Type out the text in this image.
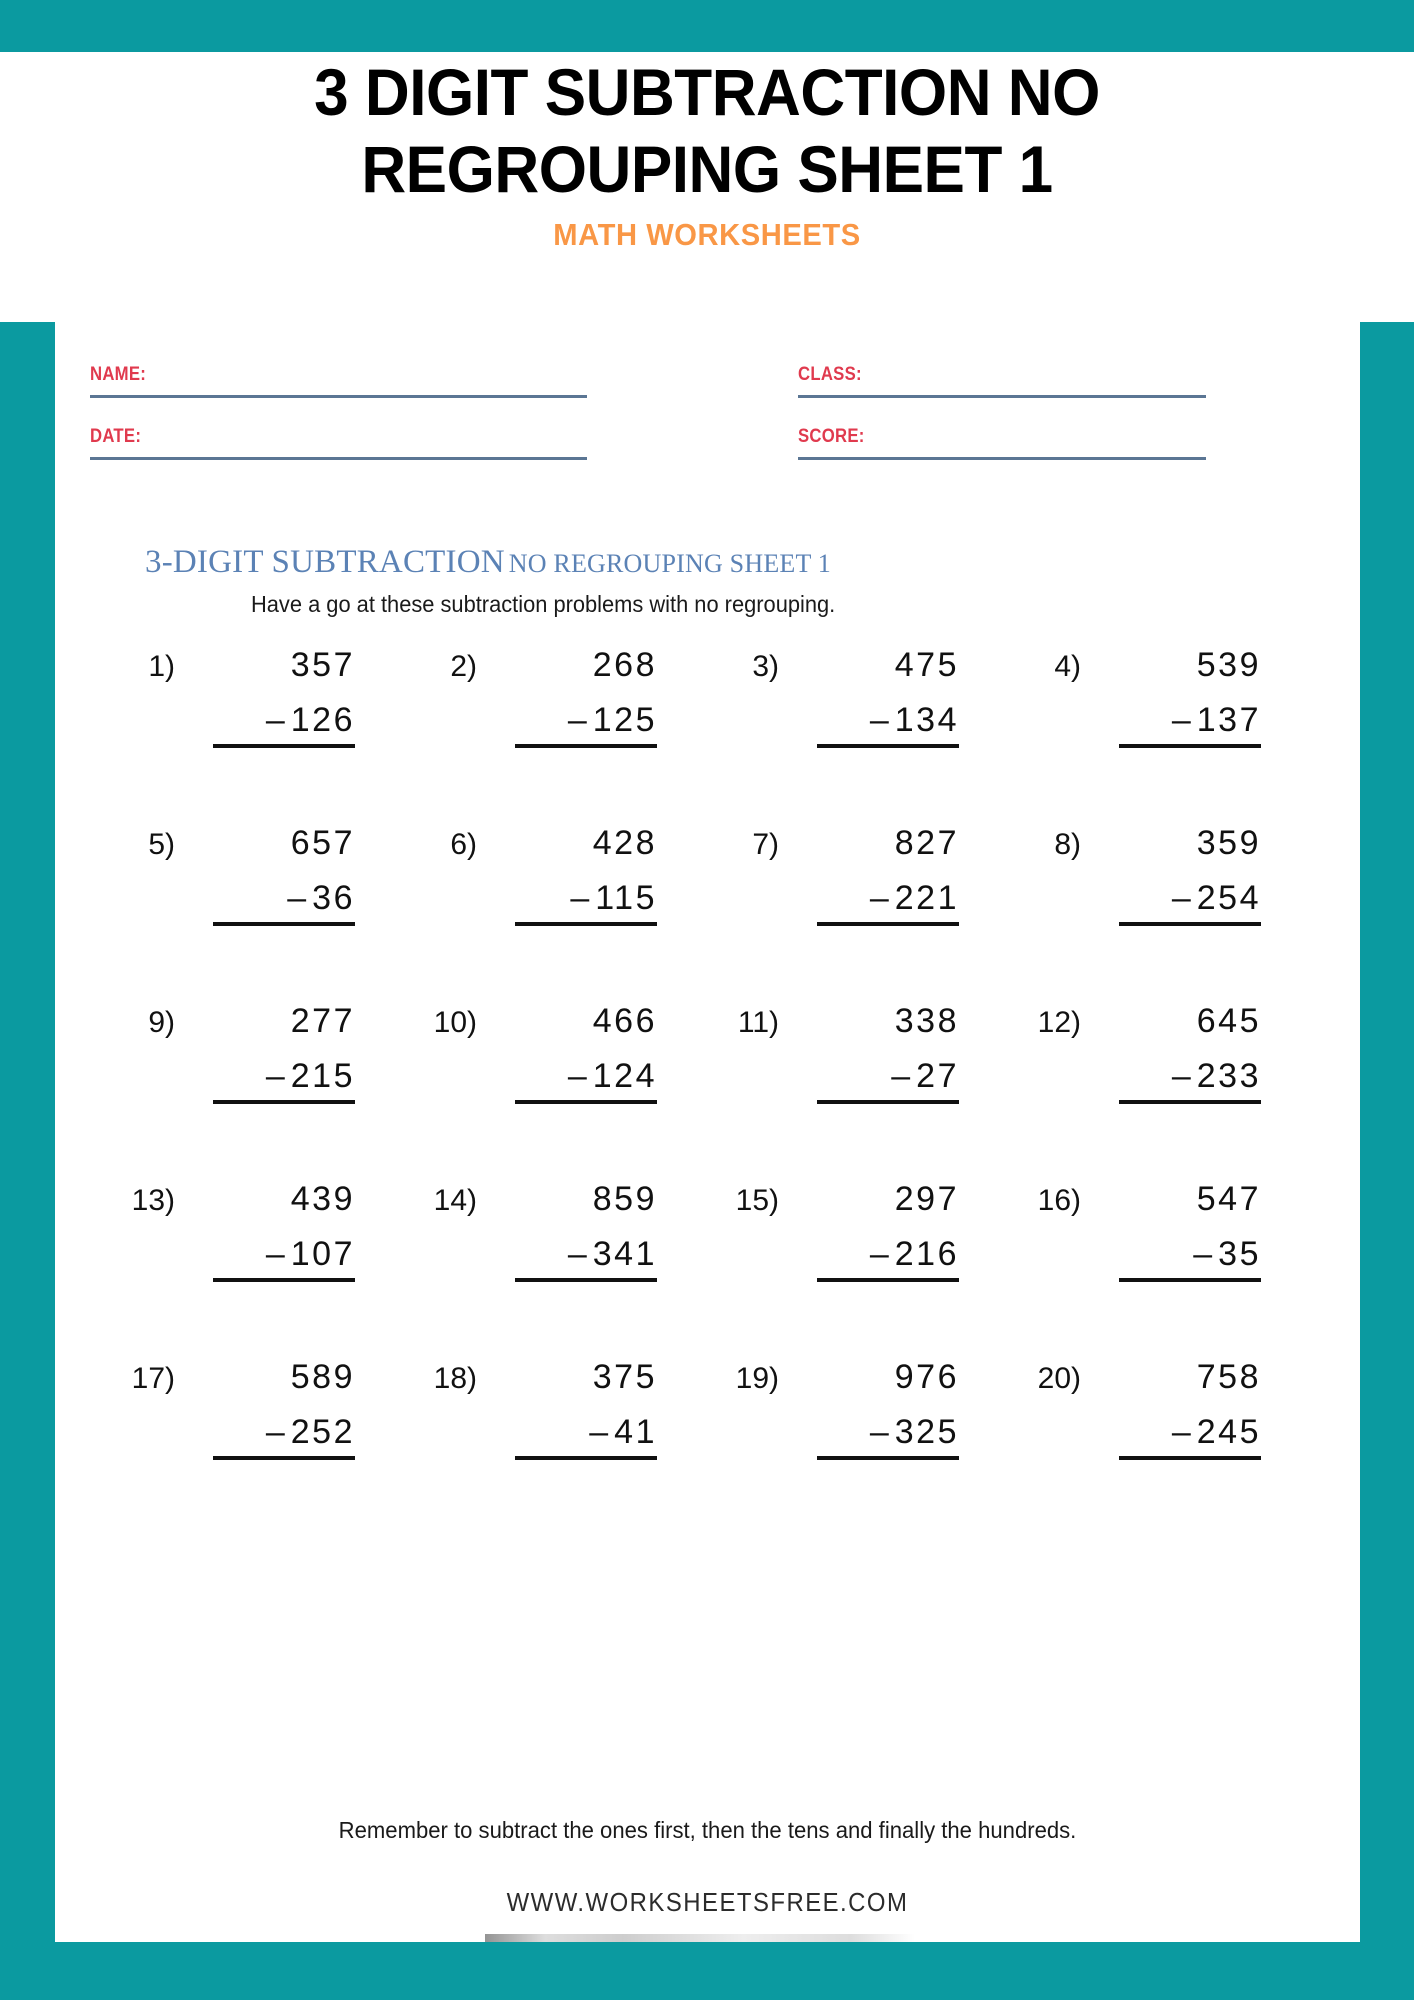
3 DIGIT SUBTRACTION NO REGROUPING SHEET 1
MATH WORKSHEETS
NAME:	CLASS:
DATE:	SCORE:
3-DIGIT SUBTRACTION NO REGROUPING SHEET 1
Have a go at these subtraction problems with no regrouping.
1)	357
– 126
2)	268
– 125
3)	475
– 134
4)	539
– 137
5)	657
– 36
6)	428
– 115
7)	827
– 221
8)	359
– 254
9)	277
– 215
10)	466
– 124
11)	338
– 27
12)	645
– 233
13)	439
– 107
14)	859
– 341
15)	297
– 216
16)	547
– 35
17)	589
– 252
18)	375
– 41
19)	976
– 325
20)	758
– 245
Remember to subtract the ones first, then the tens and finally the hundreds.
WWW.WORKSHEETSFREE.COM
